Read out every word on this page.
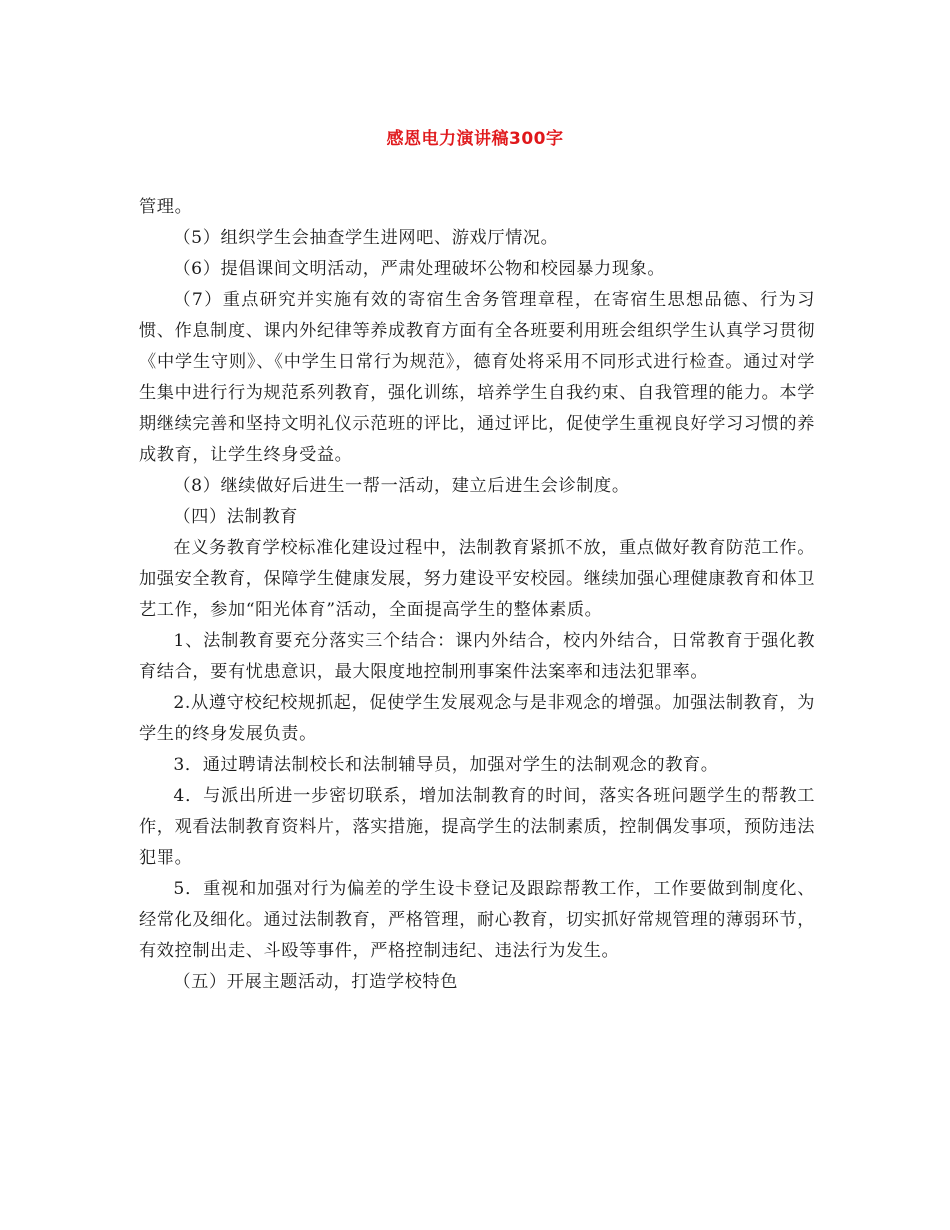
感恩电力演讲稿300字

管理。

（5）组织学生会抽查学生进网吧、游戏厅情况。

（6）提倡课间文明活动，严肃处理破坏公物和校园暴力现象。

（7）重点研究并实施有效的寄宿生舍务管理章程，在寄宿生思想品德、行为习惯、作息制度、课内外纪律等养成教育方面有全各班要利用班会组织学生认真学习贯彻《中学生守则》、《中学生日常行为规范》，德育处将采用不同形式进行检查。通过对学生集中进行行为规范系列教育，强化训练，培养学生自我约束、自我管理的能力。本学期继续完善和坚持文明礼仪示范班的评比，通过评比，促使学生重视良好学习习惯的养成教育，让学生终身受益。

（8）继续做好后进生一帮一活动，建立后进生会诊制度。

（四）法制教育

在义务教育学校标准化建设过程中，法制教育紧抓不放，重点做好教育防范工作。加强安全教育，保障学生健康发展，努力建设平安校园。继续加强心理健康教育和体卫艺工作，参加“阳光体育”活动，全面提高学生的整体素质。

1、法制教育要充分落实三个结合：课内外结合，校内外结合，日常教育于强化教育结合，要有忧患意识，最大限度地控制刑事案件法案率和违法犯罪率。

2.从遵守校纪校规抓起，促使学生发展观念与是非观念的增强。加强法制教育，为学生的终身发展负责。

3．通过聘请法制校长和法制辅导员，加强对学生的法制观念的教育。

4．与派出所进一步密切联系，增加法制教育的时间，落实各班问题学生的帮教工作，观看法制教育资料片，落实措施，提高学生的法制素质，控制偶发事项，预防违法犯罪。

5．重视和加强对行为偏差的学生设卡登记及跟踪帮教工作，工作要做到制度化、经常化及细化。通过法制教育，严格管理，耐心教育，切实抓好常规管理的薄弱环节，有效控制出走、斗殴等事件，严格控制违纪、违法行为发生。

（五）开展主题活动，打造学校特色
